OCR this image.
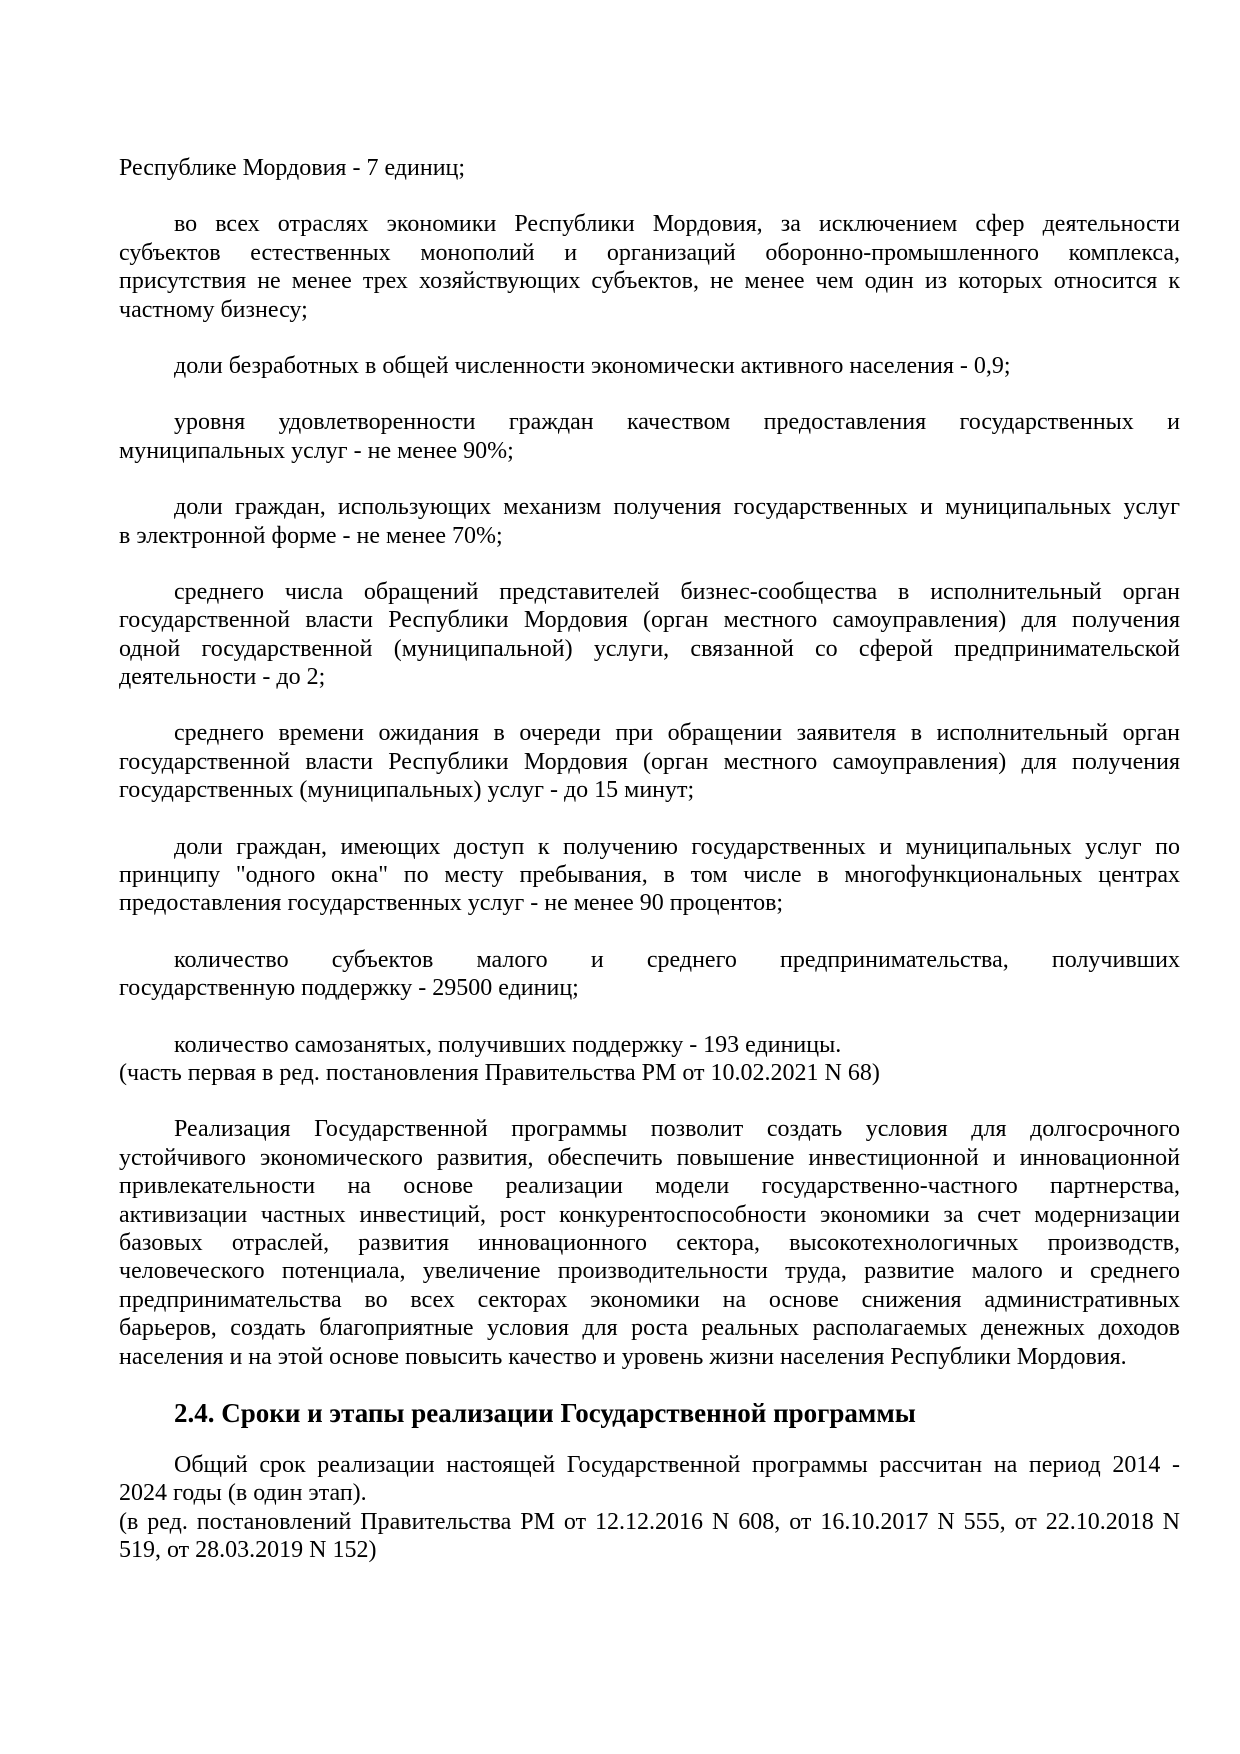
Республике Мордовия - 7 единиц;
во всех отраслях экономики Республики Мордовия, за исключением сфер деятельности
субъектов естественных монополий и организаций оборонно-промышленного комплекса,
присутствия не менее трех хозяйствующих субъектов, не менее чем один из которых относится к
частному бизнесу;
доли безработных в общей численности экономически активного населения - 0,9;
уровня удовлетворенности граждан качеством предоставления государственных и
муниципальных услуг - не менее 90%;
доли граждан, использующих механизм получения государственных и муниципальных услуг
в электронной форме - не менее 70%;
среднего числа обращений представителей бизнес-сообщества в исполнительный орган
государственной власти Республики Мордовия (орган местного самоуправления) для получения
одной государственной (муниципальной) услуги, связанной со сферой предпринимательской
деятельности - до 2;
среднего времени ожидания в очереди при обращении заявителя в исполнительный орган
государственной власти Республики Мордовия (орган местного самоуправления) для получения
государственных (муниципальных) услуг - до 15 минут;
доли граждан, имеющих доступ к получению государственных и муниципальных услуг по
принципу "одного окна" по месту пребывания, в том числе в многофункциональных центрах
предоставления государственных услуг - не менее 90 процентов;
количество субъектов малого и среднего предпринимательства, получивших
государственную поддержку - 29500 единиц;
количество самозанятых, получивших поддержку - 193 единицы.
(часть первая в ред. постановления Правительства РМ от 10.02.2021 N 68)
Реализация Государственной программы позволит создать условия для долгосрочного
устойчивого экономического развития, обеспечить повышение инвестиционной и инновационной
привлекательности на основе реализации модели государственно-частного партнерства,
активизации частных инвестиций, рост конкурентоспособности экономики за счет модернизации
базовых отраслей, развития инновационного сектора, высокотехнологичных производств,
человеческого потенциала, увеличение производительности труда, развитие малого и среднего
предпринимательства во всех секторах экономики на основе снижения административных
барьеров, создать благоприятные условия для роста реальных располагаемых денежных доходов
населения и на этой основе повысить качество и уровень жизни населения Республики Мордовия.
2.4. Сроки и этапы реализации Государственной программы
Общий срок реализации настоящей Государственной программы рассчитан на период 2014 -
2024 годы (в один этап).
(в ред. постановлений Правительства РМ от 12.12.2016 N 608, от 16.10.2017 N 555, от 22.10.2018 N
519, от 28.03.2019 N 152)
